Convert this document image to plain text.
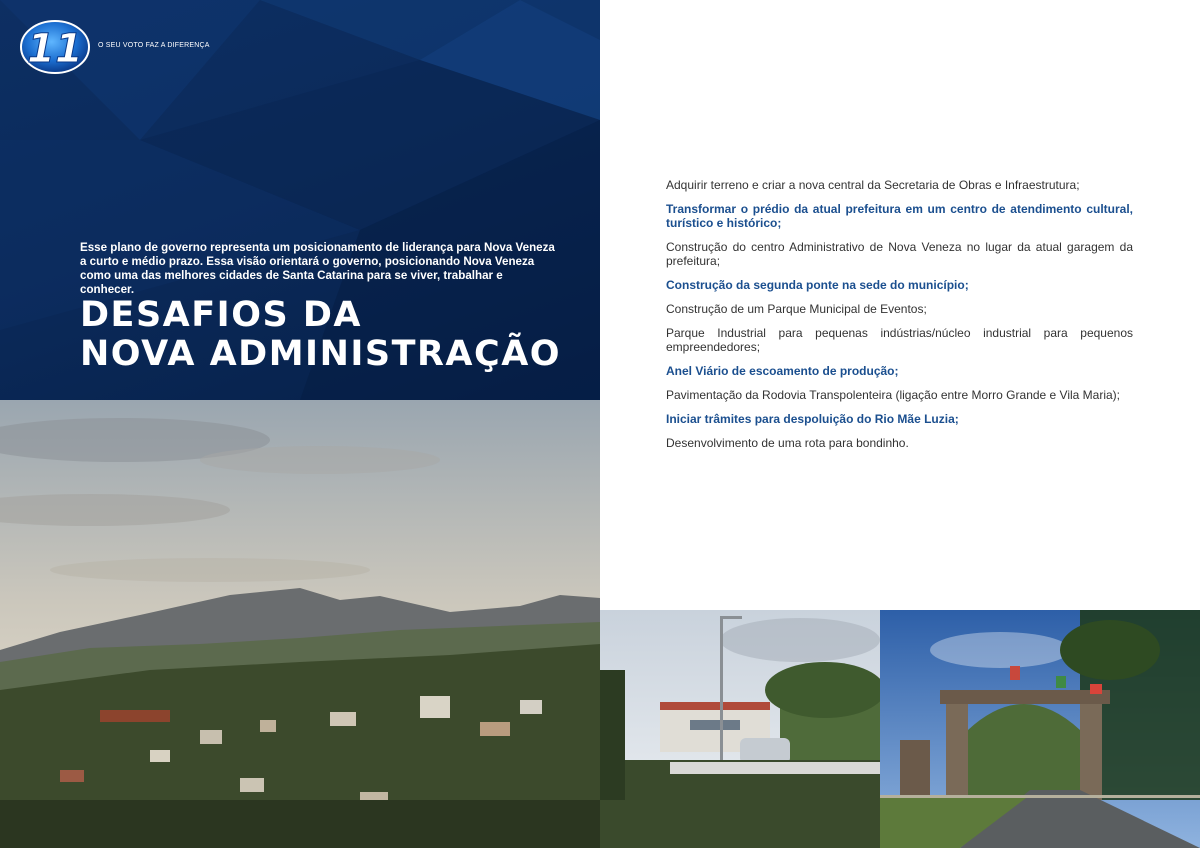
11 O SEU VOTO FAZ A DIFERENÇA

Esse plano de governo representa um posicionamento de liderança para Nova Veneza a curto e médio prazo. Essa visão orientará o governo, posicionando Nova Veneza como uma das melhores cidades de Santa Catarina para se viver, trabalhar e conhecer.

DESAFIOS DA
NOVA ADMINISTRAÇÃO

Adquirir terreno e criar a nova central da Secretaria de Obras e Infraestrutura;

Transformar o prédio da atual prefeitura em um centro de atendimento cultural, turístico e histórico;

Construção do centro Administrativo de Nova Veneza no lugar da atual garagem da prefeitura;

Construção da segunda ponte na sede do município;

Construção de um Parque Municipal de Eventos;

Parque Industrial para pequenas indústrias/núcleo industrial para pequenos empreendedores;

Anel Viário de escoamento de produção;

Pavimentação da Rodovia Transpolenteira (ligação entre Morro Grande e Vila Maria);

Iniciar trâmites para despoluição do Rio Mãe Luzia;

Desenvolvimento de uma rota para bondinho.
